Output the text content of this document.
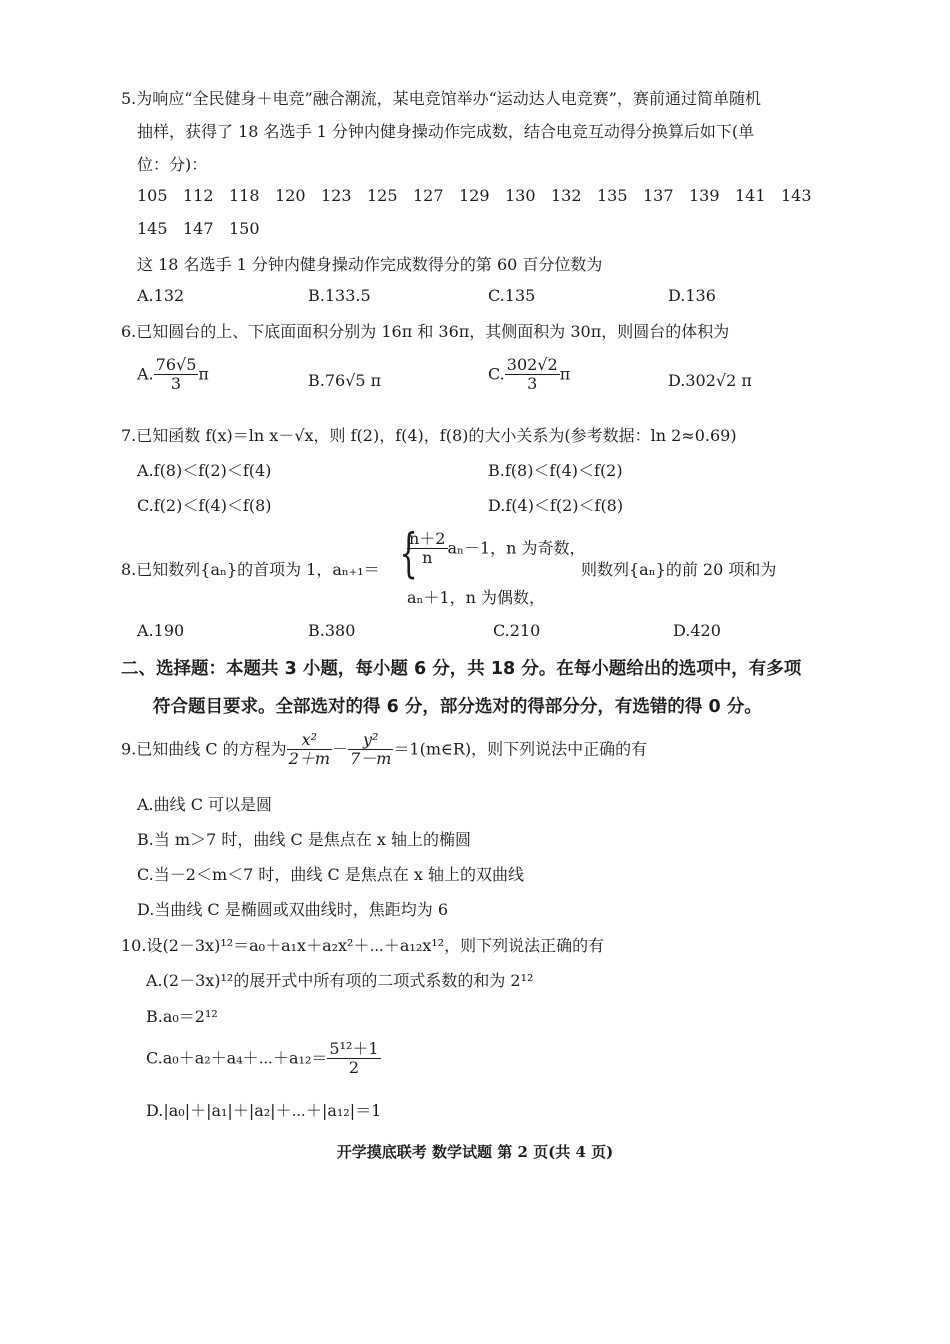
5.为响应“全民健身＋电竞”融合潮流，某电竞馆举办“运动达人电竞赛”，赛前通过简单随机
抽样，获得了 18 名选手 1 分钟内健身操动作完成数，结合电竞互动得分换算后如下(单
位：分)：
105 112 118 120 123 125 127 129 130 132 135 137 139 141 143
145 147 150
这 18 名选手 1 分钟内健身操动作完成数得分的第 60 百分位数为
A.132	B.133.5	C.135	D.136
6.已知圆台的上、下底面面积分别为 16π 和 36π，其侧面积为 30π，则圆台的体积为
A. $\frac{76√5}{3}$ π	B.76√5 π	C. $\frac{302√2}{3}$ π	D.302√2 π
7.已知函数 f(x)＝ln x－√x，则 f(2)，f(4)，f(8)的大小关系为(参考数据：ln 2≈0.69)
A.f(8)＜f(2)＜f(4)	B.f(8)＜f(4)＜f(2)
C.f(2)＜f(4)＜f(8)	D.f(4)＜f(2)＜f(8)
8.已知数列{aₙ}的首项为 1，aₙ₊₁＝ {
$\frac{n+2}{n} a_n-1$，n 为奇数，
aₙ＋1，n 为偶数，
则数列{aₙ}的前 20 项和为
A.190	B.380	C.210	D.420
二、选择题：本题共 3 小题，每小题 6 分，共 18 分。在每小题给出的选项中，有多项
符合题目要求。全部选对的得 6 分，部分选对的得部分分，有选错的得 0 分。
9.已知曲线 C 的方程为 $\frac{\text{x²}}{2+m} - \frac{\text{y²}}{7-m}$ ＝1(m∈R)，则下列说法中正确的有
A.曲线 C 可以是圆
B.当 m＞7 时，曲线 C 是焦点在 x 轴上的椭圆
C.当－2＜m＜7 时，曲线 C 是焦点在 x 轴上的双曲线
D.当曲线 C 是椭圆或双曲线时，焦距均为 6
10.设(2－3x)¹²＝a₀＋a₁x＋a₂x²＋⋯＋a₁₂x¹²，则下列说法正确的有
A.(2－3x)¹²的展开式中所有项的二项式系数的和为 2¹²
B.a₀＝2¹²
C.a₀＋a₂＋a₄＋⋯＋a₁₂＝ $\frac{\text{5¹²＋1}}{2}$
D.|a₀|＋|a₁|＋|a₂|＋⋯＋|a₁₂|＝1
开学摸底联考 数学试题 第 2 页(共 4 页)
